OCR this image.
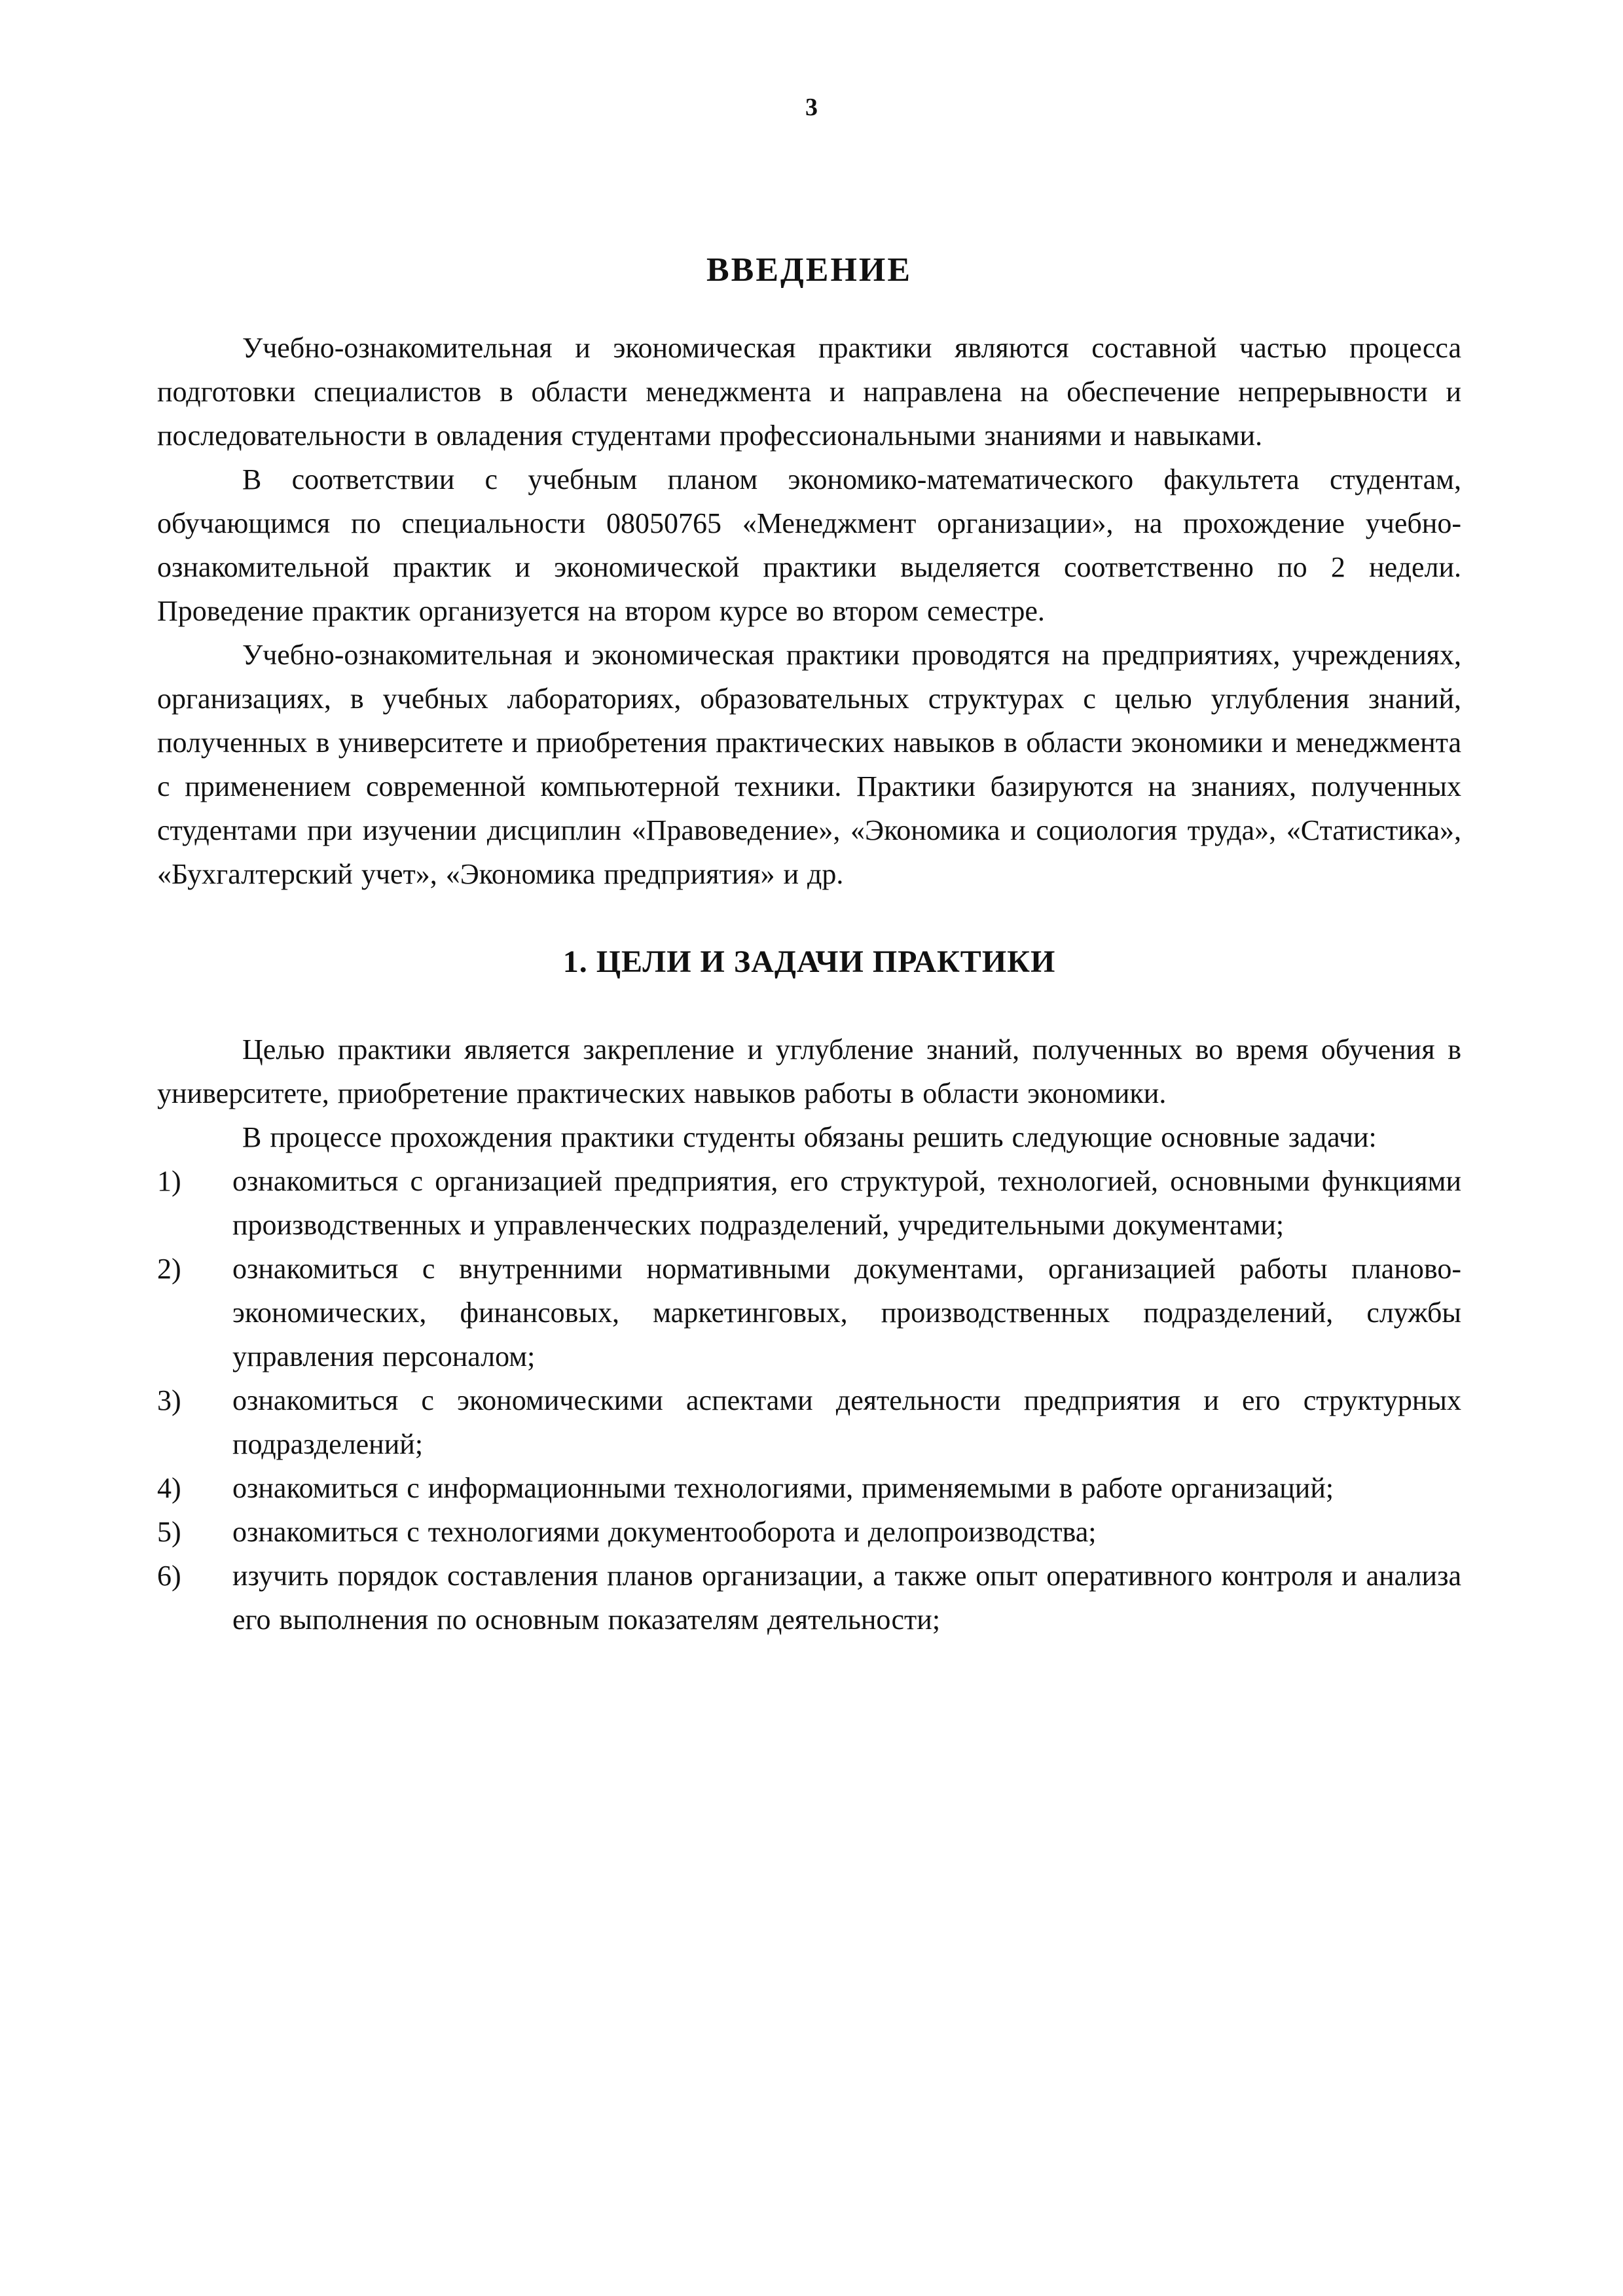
3
ВВЕДЕНИЕ

Учебно-ознакомительная и экономическая практики являются составной частью процесса подготовки специалистов в области менеджмента и направлена на обеспечение непрерывности и последовательности в овладения студентами профессиональными знаниями и навыками.

В соответствии с учебным планом экономико-математического факультета студентам, обучающимся по специальности 08050765 «Менеджмент организации», на прохождение учебно-ознакомительной практик и экономической практики выделяется соответственно по 2 недели. Проведение практик организуется на втором курсе во втором семестре.

Учебно-ознакомительная и экономическая практики проводятся на предприятиях, учреждениях, организациях, в учебных лабораториях, образовательных структурах с целью углубления знаний, полученных в университете и приобретения практических навыков в области экономики и менеджмента с применением современной компьютерной техники. Практики базируются на знаниях, полученных студентами при изучении дисциплин «Правоведение», «Экономика и социология труда», «Статистика», «Бухгалтерский учет», «Экономика предприятия» и др.

1. ЦЕЛИ И ЗАДАЧИ ПРАКТИКИ

Целью практики является закрепление и углубление знаний, полученных во время обучения в университете, приобретение практических навыков работы в области экономики.

В процессе прохождения практики студенты обязаны решить следующие основные задачи:

1)	ознакомиться с организацией предприятия, его структурой, технологией, основными функциями производственных и управленческих подразделений, учредительными документами;
2)	ознакомиться с внутренними нормативными документами, организацией работы планово-экономических, финансовых, маркетинговых, производственных подразделений, службы управления персоналом;
3)	ознакомиться с экономическими аспектами деятельности предприятия и его структурных подразделений;
4)	ознакомиться с информационными технологиями, применяемыми в работе организаций;
5)	ознакомиться с технологиями документооборота и делопроизводства;
6)	изучить порядок составления планов организации, а также опыт оперативного контроля и анализа его выполнения по основным показателям деятельности;
